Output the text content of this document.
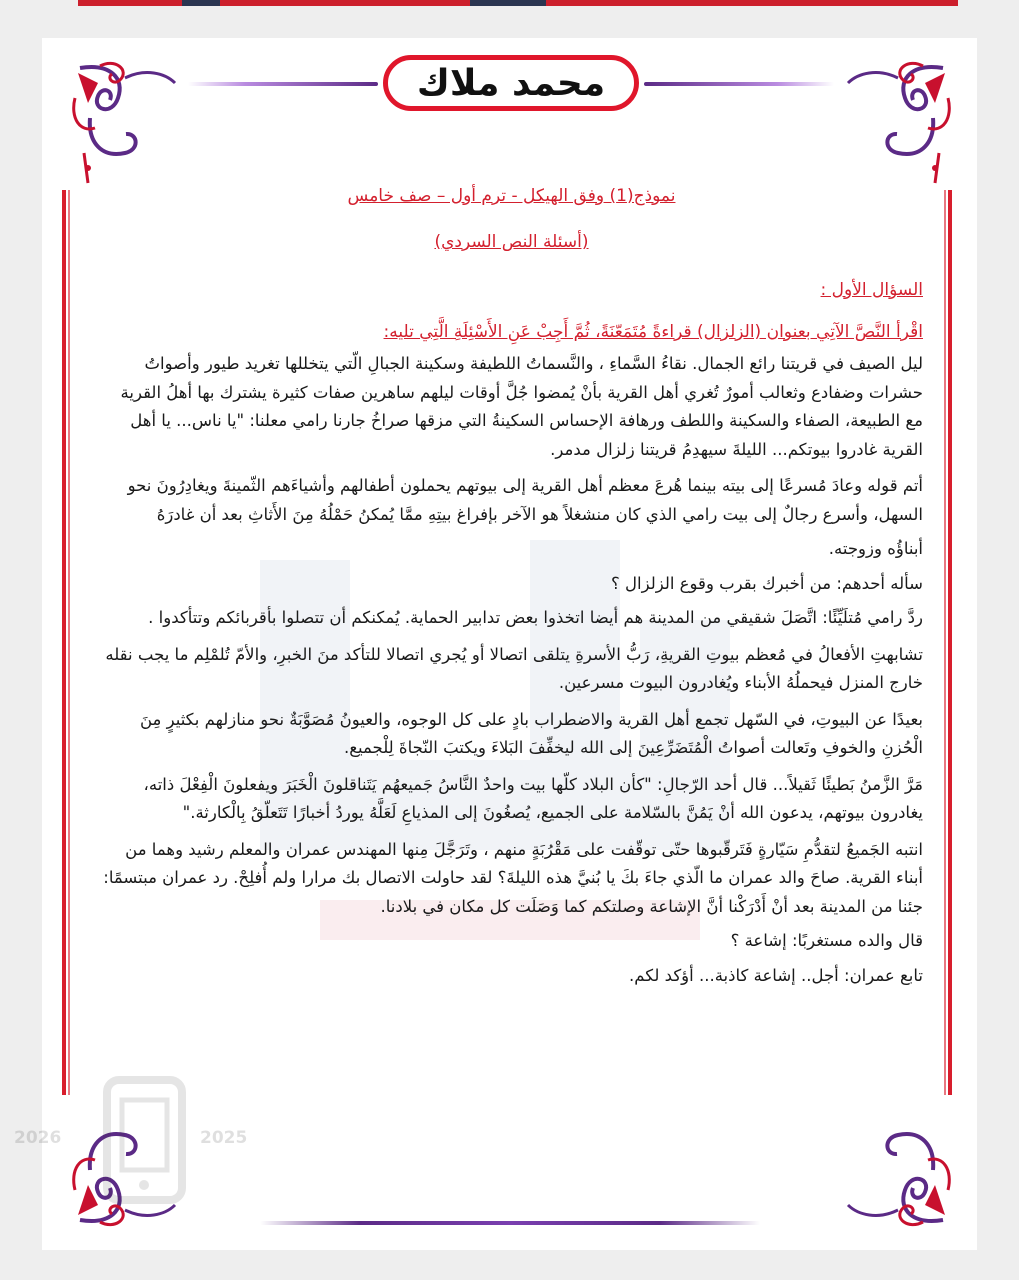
محمد ملاك
2026	2025

نموذج(1) وفق الهيكل - ترم أول – صف خامس

(أسئلة النص السردي)

السؤال الأول :

اقْرأ النَّصَّ الآتِي بعنوان (الزلزال) قراءةً مُتَمَعّنَةً، ثُمَّ أَجِبْ عَنِ الأَسْئِلَةِ الَّتِي تليه:

ليل الصيف في قريتنا رائع الجمال. نقاءُ السَّماءِ ، والنَّسماتُ اللطيفة وسكينة الجبالِ الّتي يتخللها تغريد طيور وأصواتُ حشرات وضفادع وثعالب أمورٌ تُغري أهل القرية بأنْ يُمضوا جُلَّ أوقات ليلهم ساهرين صفات كثيرة يشترك بها أهلُ القرية مع الطبيعة، الصفاء والسكينة واللطف ورهافة الإحساس السكينةُ التي مزقها صراخُ جارنا رامي معلنا: "يا ناس... يا أهل القرية غادروا بيوتكم... الليلةَ سيهدِمُ قريتنا زلزال مدمر.

أتم قوله وعادَ مُسرعًا إلى بيته بينما هُرعَ معظم أهل القرية إلى بيوتهم يحملون أطفالهم وأشياءَهم الثّمينةَ ويغادِرُونَ نحو السهل، وأسرع رجالٌ إلى بيت رامي الذي كان منشغلاً هو الآخر بإفراغ بيتِهِ ممَّا يُمكنُ حَمْلُهُ مِنَ الأَثاثِ بعد أن غادرَهُ

أبناؤُه وزوجته.

سأله أحدهم: من أخبرك بقرب وقوع الزلزال ؟

ردَّ رامي مُتلَيِّئًا: اتَّصَلَ شقيقي من المدينة هم أيضا اتخذوا بعض تدابير الحماية. يُمكنكم أن تتصلوا بأقربائكم وتتأكدوا .

تشابهتِ الأفعالُ في مُعظم بيوتِ القريةِ، رَبُّ الأسرةِ يتلقى اتصالا أو يُجري اتصالا للتأكد منَ الخبرِ، والأمّ تُلمْلِم ما يجب نقله خارج المنزل فيحملُهُ الأبناء ويُغادرون البيوت مسرعين.

بعيدًا عن البيوتِ، في السّهل تجمع أهل القرية والاضطراب بادٍ على كل الوجوه، والعيونُ مُصَوَّبَةٌ نحو منازلهم بكثيرٍ مِنَ الْحُزنِ والخوفِ وتَعالت أصواتُ الْمُتَضَرِّعِينَ إلى الله ليخفِّفَ البَلاءَ ويكتبَ النّجاةَ لِلْجميع.

مَرَّ الزَّمنُ بَطيئًا ثَقيلاً... قال أحد الرّجالِ: "كأن البلاد كلّها بيت واحدٌ النَّاسُ جَميعهُم يَتَناقلونَ الْخَبَرَ ويفعلونَ الْفِعْلَ ذاته، يغادرون بيوتهم، يدعون الله أنْ يَمُنَّ بالسّلامة على الجميع، يُصغُونَ إلى المذياعِ لَعَلَّهُ يوردُ أخبارًا تَتَعلّقُ بِالْكارثة."

انتبه الجَميعُ لتقدُّمِ سَيّارةٍ فَتَرقّبوها حتّى توقّفت على مَقْرُبَةٍ منهم ، وتَرَجَّلَ مِنها المهندس عمران والمعلم رشيد وهما من أبناء القرية. صاحَ والد عمران ما الّذي جاءَ بكَ يا بُنيَّ هذه الليلةَ؟ لقد حاولت الاتصال بك مرارا ولم أُفلِحْ. رد عمران مبتسمًا: جئنا من المدينة بعد أنْ أَدْرَكْنا أنَّ الإشاعة وصلتكم كما وَصَلَت كل مكان في بلادنا.

قال والده مستغربًا: إشاعة ؟

تابع عمران: أجل.. إشاعة كاذبة... أؤكد لكم.
